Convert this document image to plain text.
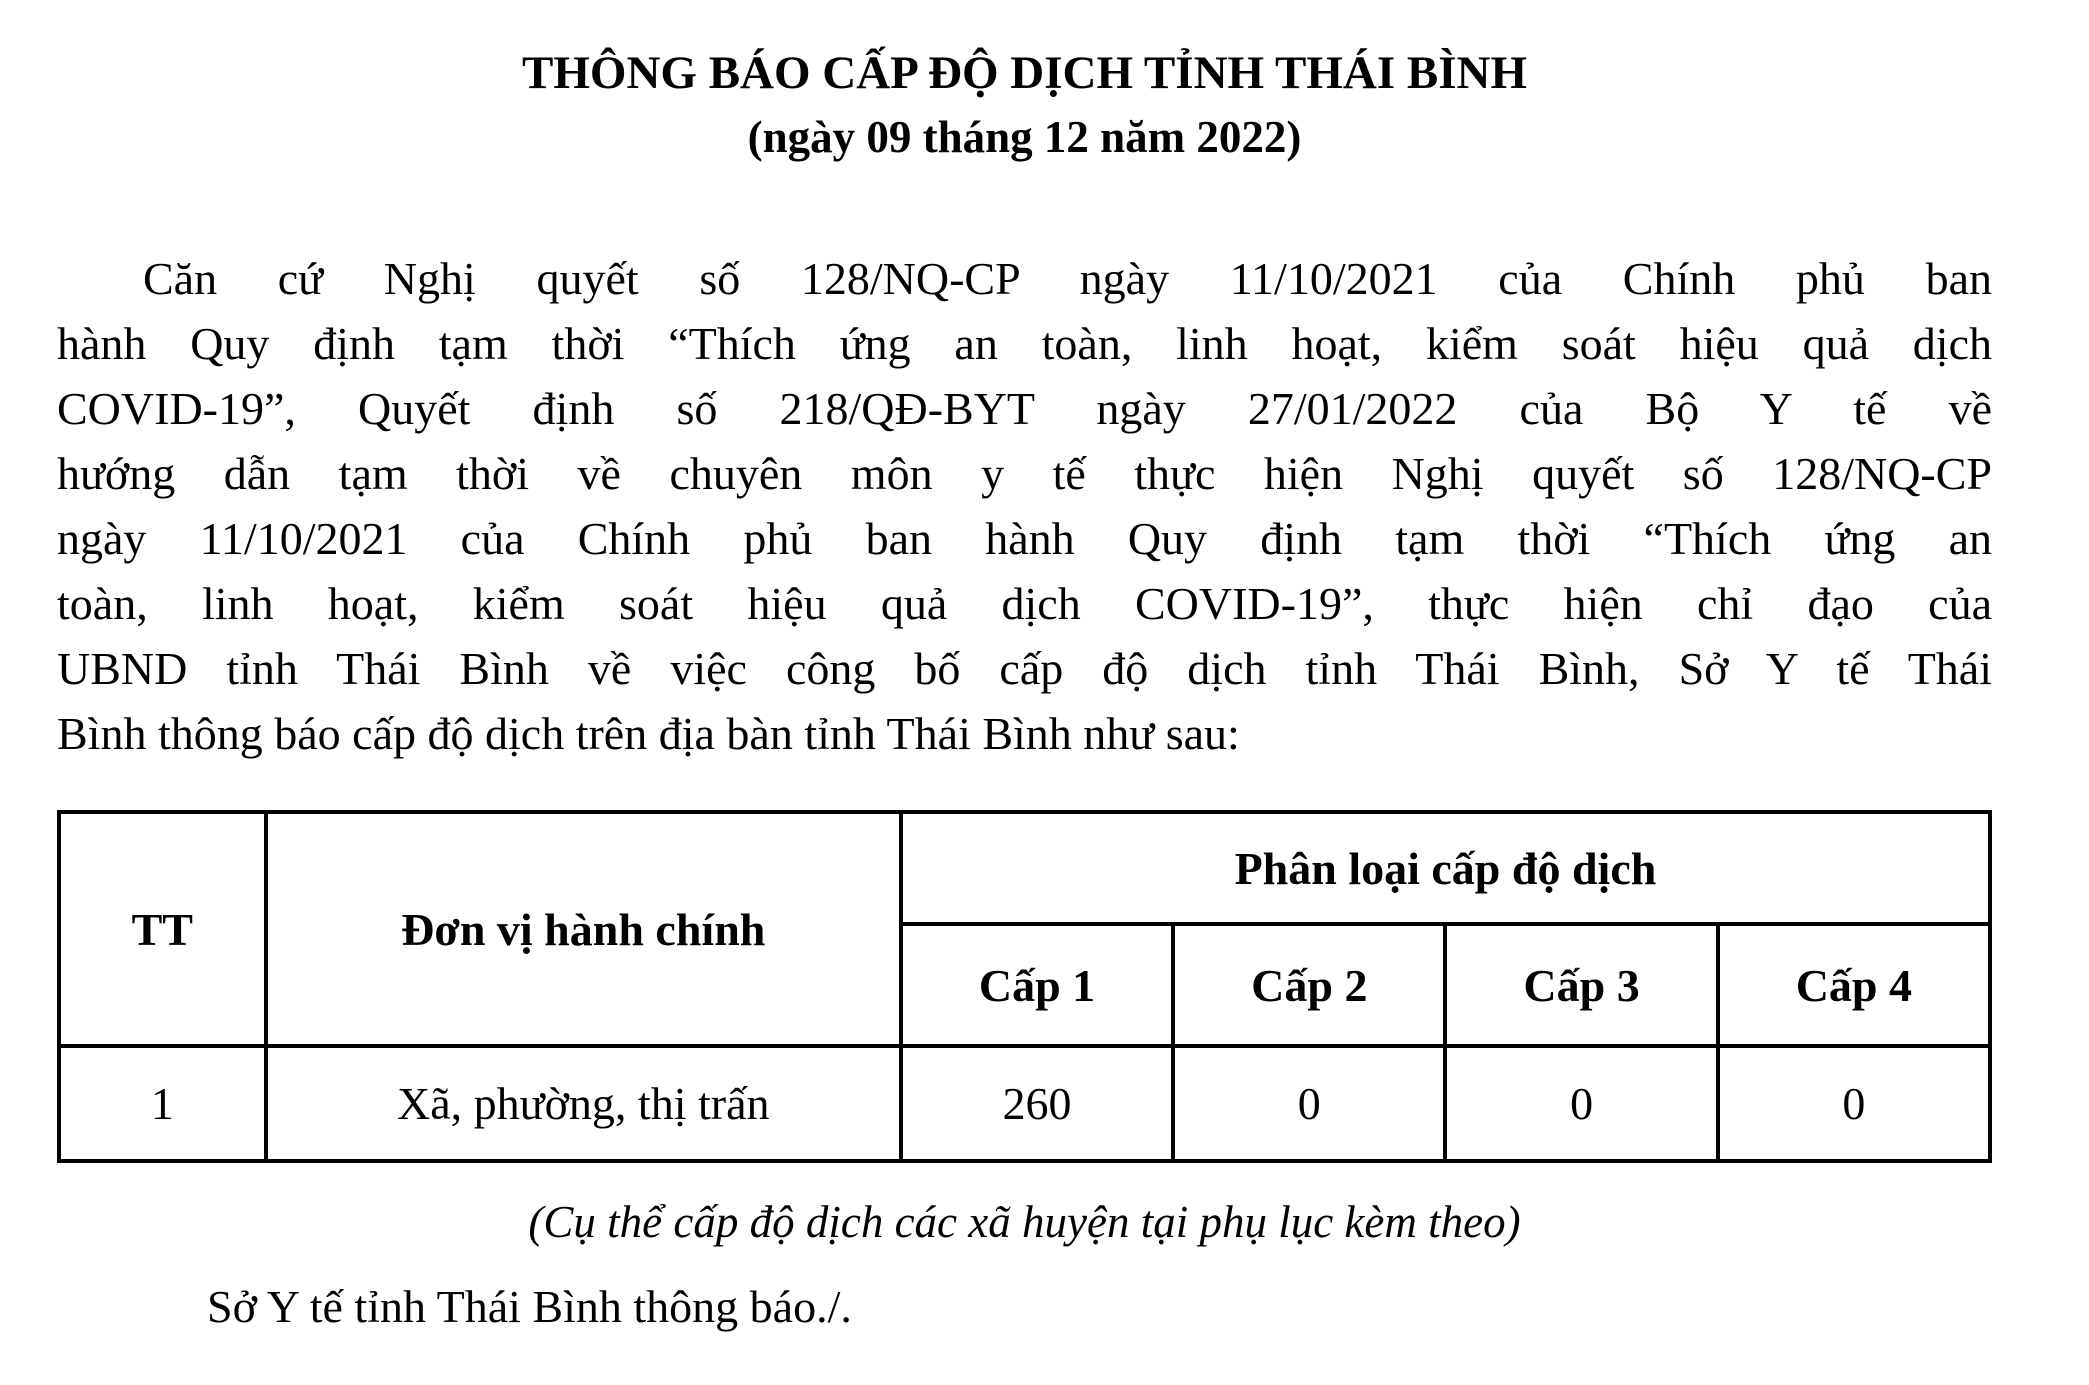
THÔNG BÁO CẤP ĐỘ DỊCH TỈNH THÁI BÌNH
(ngày 09 tháng 12 năm 2022)
Căn cứ Nghị quyết số 128/NQ-CP ngày 11/10/2021 của Chính phủ ban
hành Quy định tạm thời “Thích ứng an toàn, linh hoạt, kiểm soát hiệu quả dịch
COVID-19”, Quyết định số 218/QĐ-BYT ngày 27/01/2022 của Bộ Y tế về
hướng dẫn tạm thời về chuyên môn y tế thực hiện Nghị quyết số 128/NQ-CP
ngày 11/10/2021 của Chính phủ ban hành Quy định tạm thời “Thích ứng an
toàn, linh hoạt, kiểm soát hiệu quả dịch COVID-19”, thực hiện chỉ đạo của
UBND tỉnh Thái Bình về việc công bố cấp độ dịch tỉnh Thái Bình, Sở Y tế Thái
Bình thông báo cấp độ dịch trên địa bàn tỉnh Thái Bình như sau:
TT	Đơn vị hành chính	Phân loại cấp độ dịch			
		Cấp 1	Cấp 2	Cấp 3	Cấp 4
1	Xã, phường, thị trấn	260	0	0	0
(Cụ thể cấp độ dịch các xã huyện tại phụ lục kèm theo)
Sở Y tế tỉnh Thái Bình thông báo./.
